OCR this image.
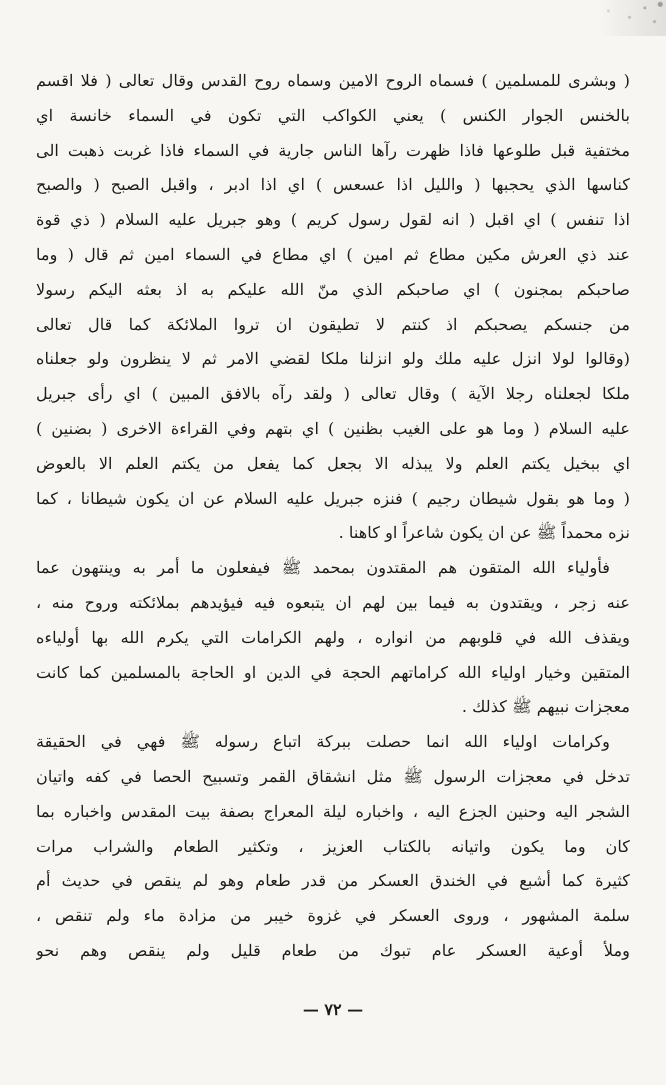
( وبشرى للمسلمين ) فسماه الروح الامين وسماه روح القدس وقال تعالى ( فلا اقسم
بالخنس الجوار الكنس ) يعني الكواكب التي تكون في السماء خانسة اي
مختفية قبل طلوعها فاذا ظهرت رآها الناس جارية في السماء فاذا غربت ذهبت الى
كناسها الذي يحجبها ( والليل اذا عسعس ) اي اذا ادبر ، واقبل الصبح ( والصبح
اذا تنفس ) اي اقبل ( انه لقول رسول كريم ) وهو جبريل عليه السلام ( ذي قوة
عند ذي العرش مكين مطاع ثم امين ) اي مطاع في السماء امين ثم قال ( وما
صاحبكم بمجنون ) اي صاحبكم الذي منّ الله عليكم به اذ بعثه اليكم رسولا
من جنسكم يصحبكم اذ كنتم لا تطيقون ان تروا الملائكة كما قال تعالى
(وقالوا لولا انزل عليه ملك ولو انزلنا ملكا لقضي الامر ثم لا ينظرون ولو جعلناه
ملكا لجعلناه رجلا الآية ) وقال تعالى ( ولقد رآه بالافق المبين ) اي رأى جبريل
عليه السلام ( وما هو على الغيب بظنين ) اي بتهم وفي القراءة الاخرى ( بضنين )
اي ببخيل يكتم العلم ولا يبذله الا بجعل كما يفعل من يكتم العلم الا بالعوض
( وما هو بقول شيطان رجيم ) فنزه جبريل عليه السلام عن ان يكون شيطانا ، كما
نزه محمداً ﷺ عن ان يكون شاعراً او كاهنا .
فأولياء الله المتقون هم المقتدون بمحمد ﷺ فيفعلون ما أمر به وينتهون عما
عنه زجر ، ويقتدون به فيما بين لهم ان يتبعوه فيه فيؤيدهم بملائكته وروح منه ،
ويقذف الله في قلوبهم من انواره ، ولهم الكرامات التي يكرم الله بها أولياءه
المتقين وخيار اولياء الله كراماتهم الحجة في الدين او الحاجة بالمسلمين كما كانت
معجزات نبيهم ﷺ كذلك .
وكرامات اولياء الله انما حصلت ببركة اتباع رسوله ﷺ فهي في الحقيقة
تدخل في معجزات الرسول ﷺ مثل انشقاق القمر وتسبيح الحصا في كفه واتيان
الشجر اليه وحنين الجزع اليه ، واخباره ليلة المعراج بصفة بيت المقدس واخباره بما
كان وما يكون واتيانه بالكتاب العزيز ، وتكثير الطعام والشراب مرات
كثيرة كما أشبع في الخندق العسكر من قدر طعام وهو لم ينقص في حديث أم
سلمة المشهور ، وروى العسكر في غزوة خيبر من مزادة ماء ولم تنقص ،
وملأ أوعية العسكر عام تبوك من طعام قليل ولم ينقص وهم نحو
— ٧٢ —
